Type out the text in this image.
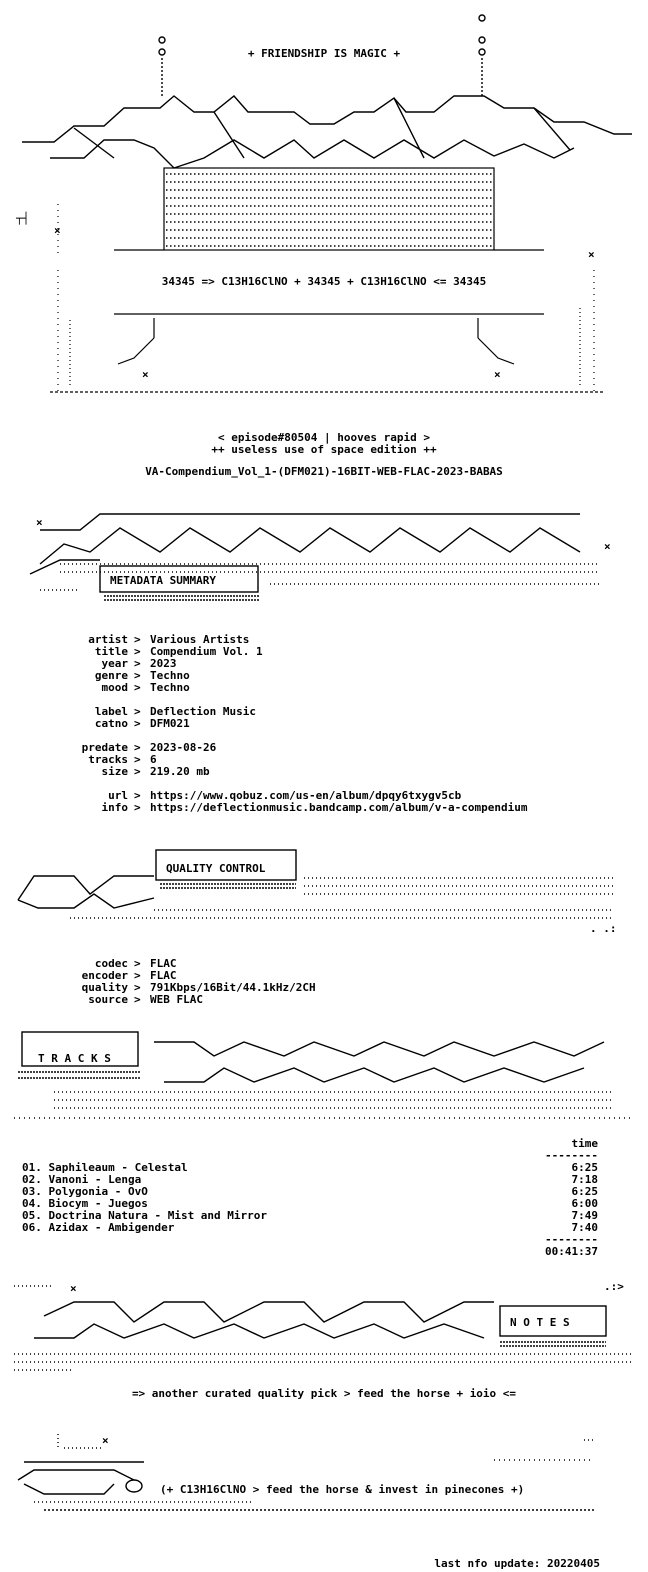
×
×
×	×
┬┤
+ FRIENDSHIP IS MAGIC +
34345 => C13H16ClNO + 34345 + C13H16ClNO <= 34345
< episode#80504 | hooves rapid >
++ useless use of space edition ++
VA-Compendium_Vol_1-(DFM021)-16BIT-WEB-FLAC-2023-BABAS
×
×
METADATA SUMMARY
artist > Various Artists
title > Compendium Vol. 1
year > 2023
genre > Techno
mood > Techno
label > Deflection Music
catno > DFM021
predate > 2023-08-26
tracks > 6
size > 219.20 mb
url > https://www.qobuz.com/us-en/album/dpqy6txygv5cb
info > https://deflectionmusic.bandcamp.com/album/v-a-compendium
. .:
QUALITY CONTROL
codec > FLAC
encoder > FLAC
quality > 791Kbps/16Bit/44.1kHz/2CH
source > WEB FLAC
T R A C K S
time
--------
01. Saphileaum - Celestal	6:25
02. Vanoni - Lenga	7:18
03. Polygonia - OvO	6:25
04. Biocym - Juegos	6:00
05. Doctrina Natura - Mist and Mirror	7:49
06. Azidax - Ambigender	7:40
--------
00:41:37
×	.:>
N O T E S
=> another curated quality pick > feed the horse + ioio <=
×
(+ C13H16ClNO > feed the horse & invest in pinecones +)
last nfo update: 20220405
